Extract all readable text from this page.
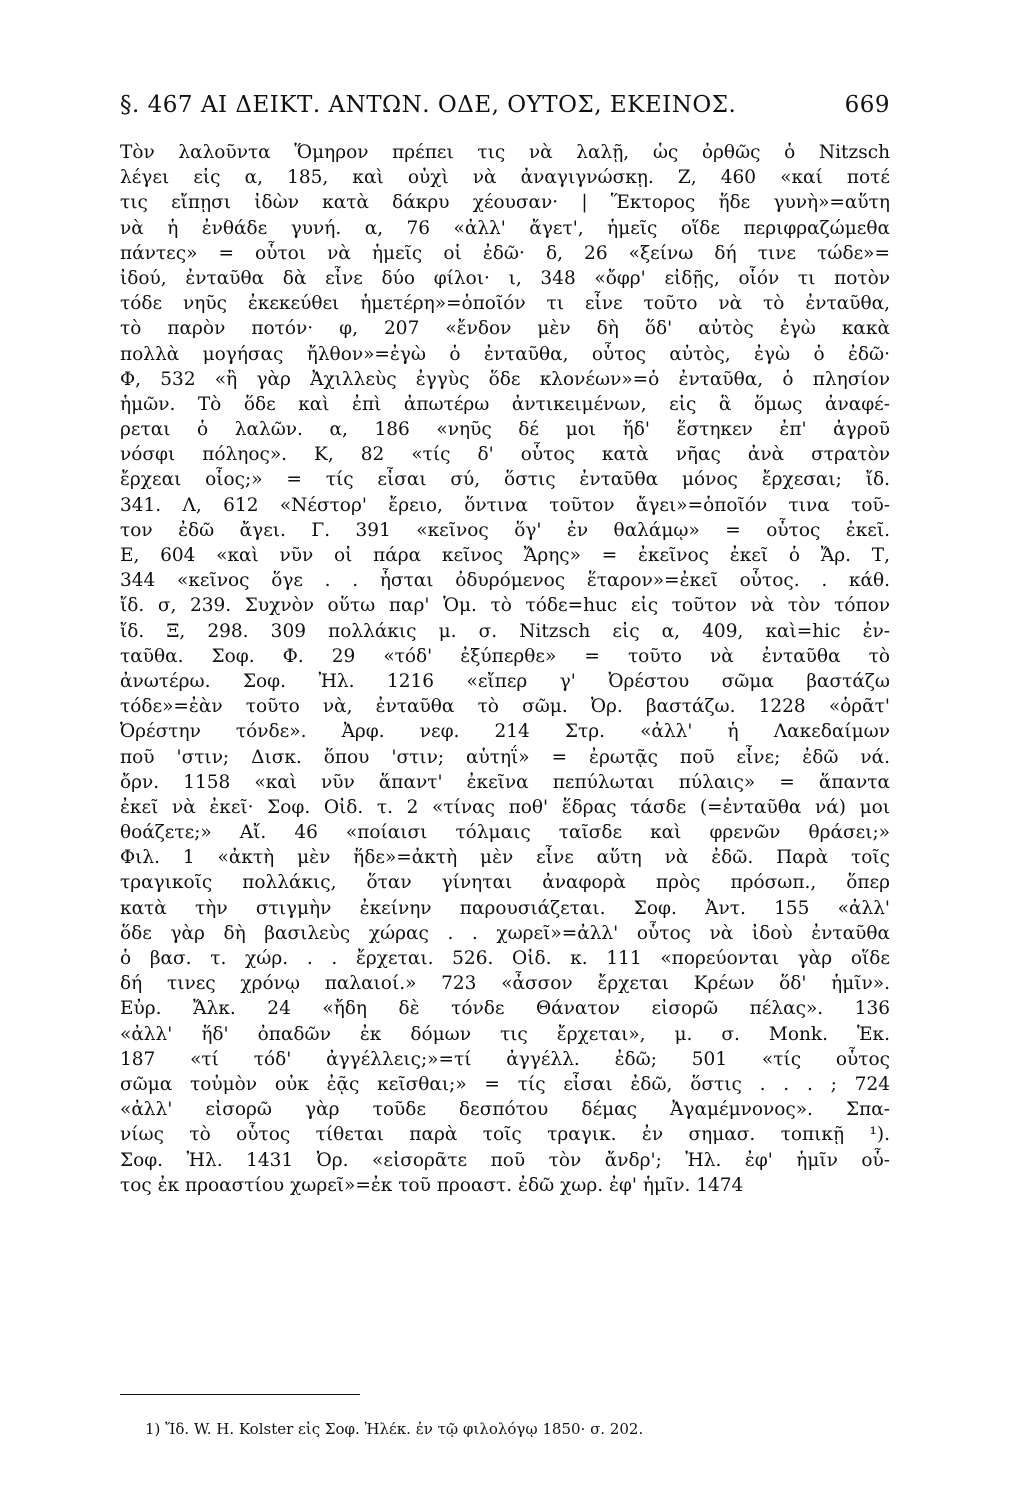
§. 467 ΑΙ ΔΕΙΚΤ. ΑΝΤΩΝ. ΟΔΕ, ΟΥΤΟΣ, ΕΚΕΙΝΟΣ.	669
Τὸν λαλοῦντα Ὅμηρον πρέπει τις νὰ λαλῇ, ὡς ὀρθῶς ὁ Nitzsch
λέγει εἰς α, 185, καὶ οὐχὶ νὰ ἀναγιγνώσκῃ. Ζ, 460 «καί ποτέ
τις εἴπῃσι ἰδὼν κατὰ δάκρυ χέουσαν· | Ἕκτορος ἥδε γυνὴ»=αὕτη
νὰ ἡ ἐνθάδε γυνή. α, 76 «ἀλλ' ἄγετ', ἡμεῖς οἵδε περιφραζώμεθα
πάντες» = οὗτοι νὰ ἡμεῖς οἱ ἐδῶ· δ, 26 «ξείνω δή τινε τώδε»=
ἰδού, ἐνταῦθα δὰ εἶνε δύο φίλοι· ι, 348 «ὄφρ' εἰδῇς, οἷόν τι ποτὸν
τόδε νηῦς ἐκεκεύθει ἡμετέρη»=ὁποῖόν τι εἶνε τοῦτο νὰ τὸ ἐνταῦθα,
τὸ παρὸν ποτόν· φ, 207 «ἔνδον μὲν δὴ ὅδ' αὐτὸς ἐγὼ κακὰ
πολλὰ μογήσας ἤλθον»=ἐγὼ ὁ ἐνταῦθα, οὗτος αὐτὸς, ἐγὼ ὁ ἐδῶ·
Φ, 532 «ἢ γὰρ Ἀχιλλεὺς ἐγγὺς ὅδε κλονέων»=ὁ ἐνταῦθα, ὁ πλησίον
ἡμῶν. Τὸ ὅδε καὶ ἐπὶ ἀπωτέρω ἀντικειμένων, εἰς ἃ ὅμως ἀναφέ-
ρεται ὁ λαλῶν. α, 186 «νηῦς δέ μοι ἥδ' ἕστηκεν ἐπ' ἀγροῦ
νόσφι πόληος». Κ, 82 «τίς δ' οὗτος κατὰ νῆας ἀνὰ στρατὸν
ἔρχεαι οἷος;» = τίς εἶσαι σύ, ὅστις ἐνταῦθα μόνος ἔρχεσαι; ἴδ.
341. Λ, 612 «Νέστορ' ἔρειο, ὅντινα τοῦτον ἄγει»=ὁποῖόν τινα τοῦ-
τον ἐδῶ ἄγει. Γ. 391 «κεῖνος ὅγ' ἐν θαλάμῳ» = οὗτος ἐκεῖ.
Ε, 604 «καὶ νῦν οἱ πάρα κεῖνος Ἄρης» = ἐκεῖνος ἐκεῖ ὁ Ἄρ. Τ,
344 «κεῖνος ὅγε . . ἧσται ὀδυρόμενος ἕταρον»=ἐκεῖ οὗτος. . κάθ.
ἴδ. σ, 239. Συχνὸν οὕτω παρ' Ὁμ. τὸ τόδε=huc εἰς τοῦτον νὰ τὸν τόπον
ἴδ. Ξ, 298. 309 πολλάκις μ. σ. Nitzsch εἰς α, 409, καὶ=hic ἐν-
ταῦθα. Σοφ. Φ. 29 «τόδ' ἐξύπερθε» = τοῦτο νὰ ἐνταῦθα τὸ
ἀνωτέρω. Σοφ. Ἠλ. 1216 «εἴπερ γ' Ὀρέστου σῶμα βαστάζω
τόδε»=ἐὰν τοῦτο νὰ, ἐνταῦθα τὸ σῶμ. Ὀρ. βαστάζω. 1228 «ὁρᾶτ'
Ὀρέστην τόνδε». Ἀρφ. νεφ. 214 Στρ. «ἀλλ' ἡ Λακεδαίμων
ποῦ 'στιν; Δισκ. ὅπου 'στιν; αὑτηΐ» = ἐρωτᾷς ποῦ εἶνε; ἐδῶ νά.
ὄρν. 1158 «καὶ νῦν ἅπαντ' ἐκεῖνα πεπύλωται πύλαις» = ἅπαντα
ἐκεῖ νὰ ἐκεῖ· Σοφ. Οἰδ. τ. 2 «τίνας ποθ' ἕδρας τάσδε (=ἐνταῦθα νά) μοι
θοάζετε;» Αἴ. 46 «ποίαισι τόλμαις ταῖσδε καὶ φρενῶν θράσει;»
Φιλ. 1 «ἀκτὴ μὲν ἥδε»=ἀκτὴ μὲν εἶνε αὕτη νὰ ἐδῶ. Παρὰ τοῖς
τραγικοῖς πολλάκις, ὅταν γίνηται ἀναφορὰ πρὸς πρόσωπ., ὅπερ
κατὰ τὴν στιγμὴν ἐκείνην παρουσιάζεται. Σοφ. Ἀντ. 155 «ἀλλ'
ὅδε γὰρ δὴ βασιλεὺς χώρας . . χωρεῖ»=ἀλλ' οὗτος νὰ ἰδοὺ ἐνταῦθα
ὁ βασ. τ. χώρ. . . ἔρχεται. 526. Οἰδ. κ. 111 «πορεύονται γὰρ οἵδε
δή τινες χρόνῳ παλαιοί.» 723 «ἆσσον ἔρχεται Κρέων ὅδ' ἡμῖν».
Εὐρ. Ἄλκ. 24 «ἤδη δὲ τόνδε Θάνατον εἰσορῶ πέλας». 136
«ἀλλ' ἥδ' ὀπαδῶν ἐκ δόμων τις ἔρχεται», μ. σ. Monk. Ἑκ.
187 «τί τόδ' ἀγγέλλεις;»=τί ἀγγέλλ. ἐδῶ; 501 «τίς οὗτος
σῶμα τοὐμὸν οὐκ ἐᾷς κεῖσθαι;» = τίς εἶσαι ἐδῶ, ὅστις . . . ; 724
«ἀλλ' εἰσορῶ γὰρ τοῦδε δεσπότου δέμας Ἀγαμέμνονος». Σπα-
νίως τὸ οὗτος τίθεται παρὰ τοῖς τραγικ. ἐν σημασ. τοπικῇ ¹).
Σοφ. Ἠλ. 1431 Ὀρ. «εἰσορᾶτε ποῦ τὸν ἄνδρ'; Ἠλ. ἐφ' ἡμῖν οὗ-
τος ἐκ προαστίου χωρεῖ»=ἐκ τοῦ προαστ. ἐδῶ χωρ. ἐφ' ἡμῖν. 1474
1) Ἴδ. W. H. Kolster εἰς Σοφ. Ἠλέκ. ἐν τῷ φιλολόγῳ 1850· σ. 202.
